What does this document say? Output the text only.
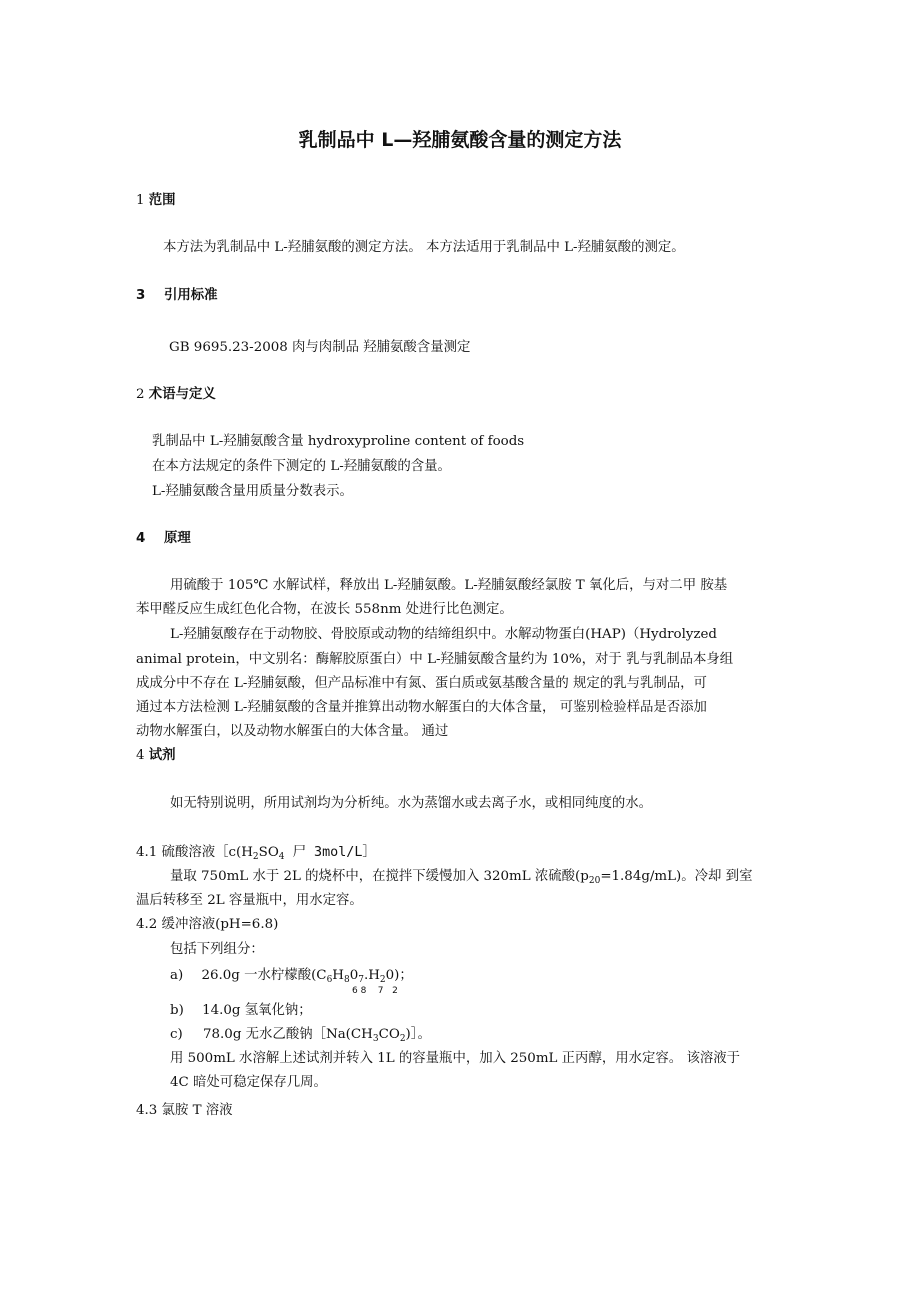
乳制品中 L—羟脯氨酸含量的测定方法
1 范围
本方法为乳制品中 L-羟脯氨酸的测定方法。 本方法适用于乳制品中 L-羟脯氨酸的测定。
3 引用标准
GB 9695.23-2008 肉与肉制品 羟脯氨酸含量测定
2 术语与定义
乳制品中 L-羟脯氨酸含量 hydroxyproline content of foods
在本方法规定的条件下测定的 L-羟脯氨酸的含量。
L-羟脯氨酸含量用质量分数表示。
4 原理
用硫酸于 105℃ 水解试样，释放出 L-羟脯氨酸。L-羟脯氨酸经氯胺 T 氧化后，与对二甲 胺基
苯甲醛反应生成红色化合物，在波长 558nm 处进行比色测定。
L-羟脯氨酸存在于动物胶、骨胶原或动物的结缔组织中。水解动物蛋白(HAP)（Hydrolyzed
animal protein，中文别名：酶解胶原蛋白）中 L-羟脯氨酸含量约为 10%，对于 乳与乳制品本身组
成成分中不存在 L-羟脯氨酸，但产品标准中有氮、蛋白质或氨基酸含量的 规定的乳与乳制品，可
通过本方法检测 L-羟脯氨酸的含量并推算出动物水解蛋白的大体含量， 可鉴别检验样品是否添加
动物水解蛋白，以及动物水解蛋白的大体含量。 通过
4 试剂
如无特别说明，所用试剂均为分析纯。水为蒸馏水或去离子水，或相同纯度的水。
4.1 硫酸溶液$[c(H_2SO_4$ 尸 3mol/L］
量取 750mL 水于 2L 的烧杯中，在搅拌下缓慢加入 320mL 浓硫酸$(p_{20}=1.84g/mL)$。冷却 到室
温后转移至 2L 容量瓶中，用水定容。
4.2 缓冲溶液(pH=6.8)
包括下列组分：
a) 26.0g 一水柠檬酸$(C_6H_80_7.H_20)$；
6 8    7   2
b) 14.0g 氢氧化钠；
c) 78.0g 无水乙酸钠$[Na(CH_3CO_2)]$。
用 500mL 水溶解上述试剂并转入 1L 的容量瓶中，加入 250mL 正丙醇，用水定容。 该溶液于
4C 暗处可稳定保存几周。
4.3 氯胺 T 溶液
